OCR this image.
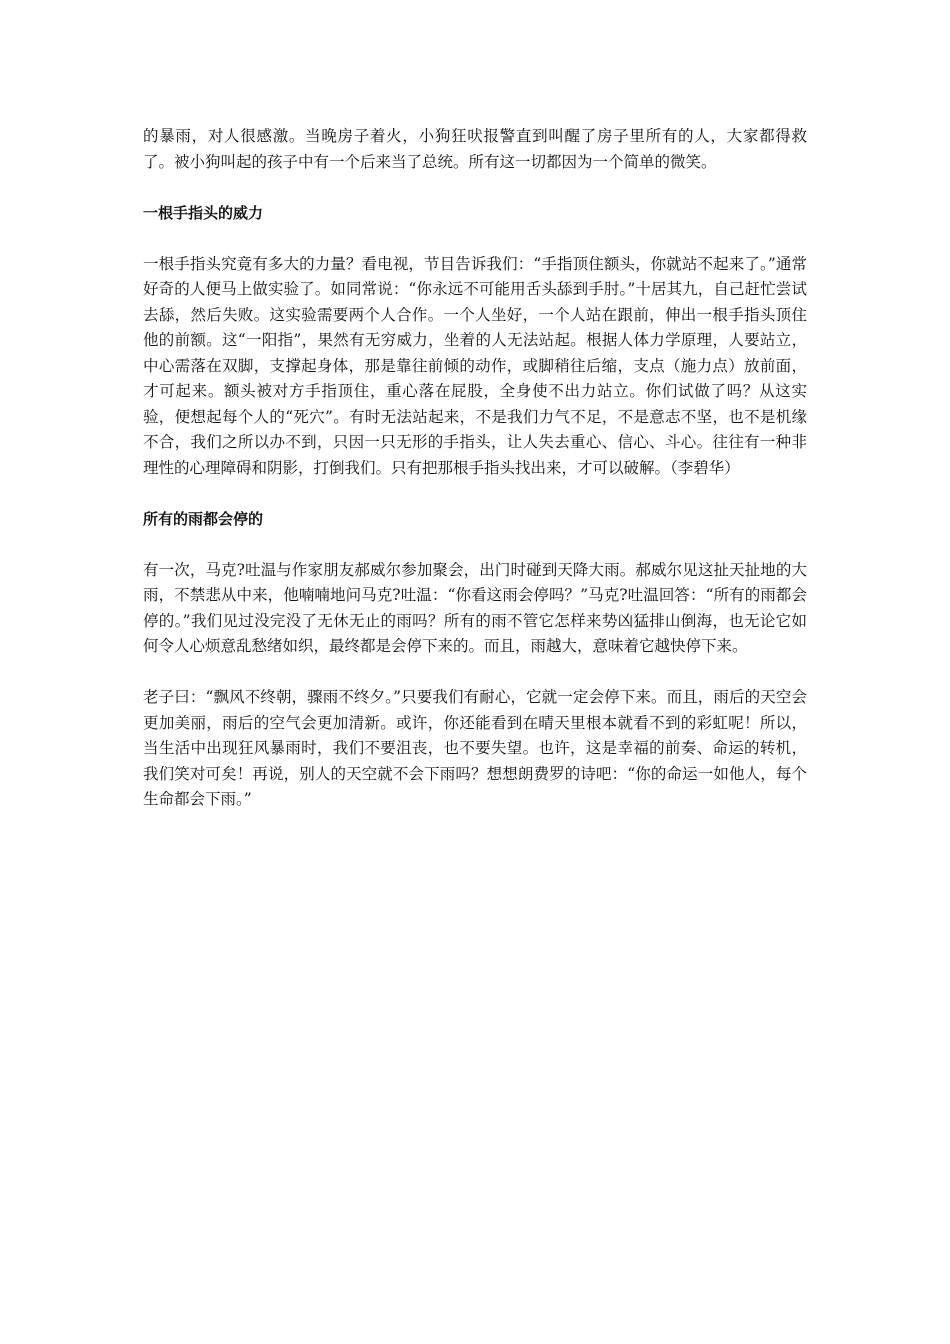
的暴雨，对人很感激。当晚房子着火，小狗狂吠报警直到叫醒了房子里所有的人，大家都得救了。被小狗叫起的孩子中有一个后来当了总统。所有这一切都因为一个简单的微笑。

一根手指头的威力

一根手指头究竟有多大的力量？看电视，节目告诉我们：“手指顶住额头，你就站不起来了。”通常好奇的人便马上做实验了。如同常说：“你永远不可能用舌头舔到手肘。”十居其九，自己赶忙尝试去舔，然后失败。这实验需要两个人合作。一个人坐好，一个人站在跟前，伸出一根手指头顶住他的前额。这“一阳指”，果然有无穷威力，坐着的人无法站起。根据人体力学原理，人要站立，中心需落在双脚，支撑起身体，那是靠往前倾的动作，或脚稍往后缩，支点（施力点）放前面，才可起来。额头被对方手指顶住，重心落在屁股，全身使不出力站立。你们试做了吗？从这实验，便想起每个人的“死穴”。有时无法站起来，不是我们力气不足，不是意志不坚，也不是机缘不合，我们之所以办不到，只因一只无形的手指头，让人失去重心、信心、斗心。往往有一种非理性的心理障碍和阴影，打倒我们。只有把那根手指头找出来，才可以破解。（李碧华）

所有的雨都会停的

有一次，马克?吐温与作家朋友郝威尔参加聚会，出门时碰到天降大雨。郝威尔见这扯天扯地的大雨，不禁悲从中来，他喃喃地问马克?吐温：“你看这雨会停吗？”马克?吐温回答：“所有的雨都会停的。”我们见过没完没了无休无止的雨吗？所有的雨不管它怎样来势凶猛排山倒海，也无论它如何令人心烦意乱愁绪如织，最终都是会停下来的。而且，雨越大，意味着它越快停下来。

老子曰：“飘风不终朝，骤雨不终夕。”只要我们有耐心，它就一定会停下来。而且，雨后的天空会更加美丽，雨后的空气会更加清新。或许，你还能看到在晴天里根本就看不到的彩虹呢！所以，当生活中出现狂风暴雨时，我们不要沮丧，也不要失望。也许，这是幸福的前奏、命运的转机，我们笑对可矣！再说，别人的天空就不会下雨吗？想想朗费罗的诗吧：“你的命运一如他人，每个生命都会下雨。”
